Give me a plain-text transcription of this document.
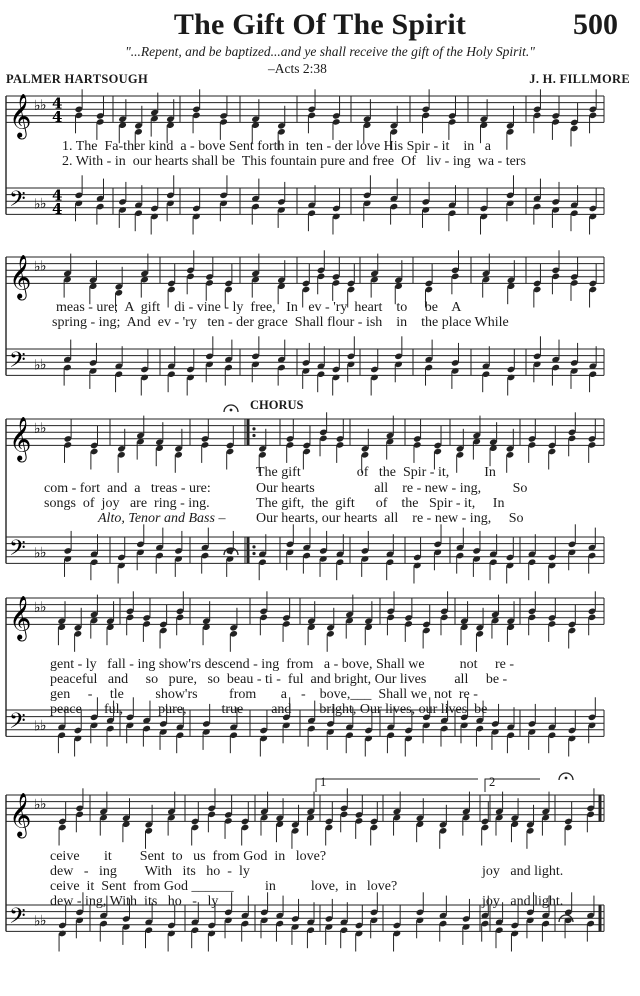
The Gift Of The Spirit	500
"...Repent, and be baptized...and ye shall receive the gift of the Holy Spirit."
–Acts 2:38
PALMER HARTSOUGH	J. H. FILLMORE
𝄞
𝄢
♭ ♭
♭ ♭
4
4
4
4
𝄞
𝄢
♭ ♭
♭ ♭
𝄞
𝄢
♭ ♭
♭ ♭
𝄞
𝄢
♭ ♭
♭ ♭
𝄞
𝄢
♭ ♭
♭ ♭
1. The  Fa-ther kind  a - bove Sent forth in  ten - der love His Spir - it    in   a
2. With - in  our hearts shall be  This fountain pure and free  Of   liv - ing  wa - ters
meas - ure;  A  gift    di - vine - ly  free,   In   ev - 'ry  heart    to     be    A
spring - ing;  And  ev - 'ry   ten - der grace  Shall flour - ish    in    the place While
CHORUS
The gift                of   the  Spir - it,          In
com - fort  and  a   treas - ure:	Our hearts                 all    re - new - ing,         So
songs  of  joy   are  ring - ing.	The gift,  the  gift      of    the   Spir - it,     In
Alto, Tenor and Bass – Our hearts, our hearts  all    re - new - ing,     So
gent - ly   fall - ing show'rs descend - ing  from   a - bove, Shall we          not     re -
peaceful   and     so   pure,   so  beau - ti -  ful  and bright, Our lives        all     be -
gen     -     tle         show'rs         from       a    -    bove,___  Shall we  not  re -
peace  -   ful,          pure,          true        and        bright, Our lives, our lives  be -
1	2
ceive       it        Sent  to   us  from God  in   love?
dew   -   ing        With   its   ho  -  ly	joy   and light.
ceive  it  Sent  from God ______         in          love,  in   love?
dew - ing, With  its   ho   -   ly	joy   and light.
